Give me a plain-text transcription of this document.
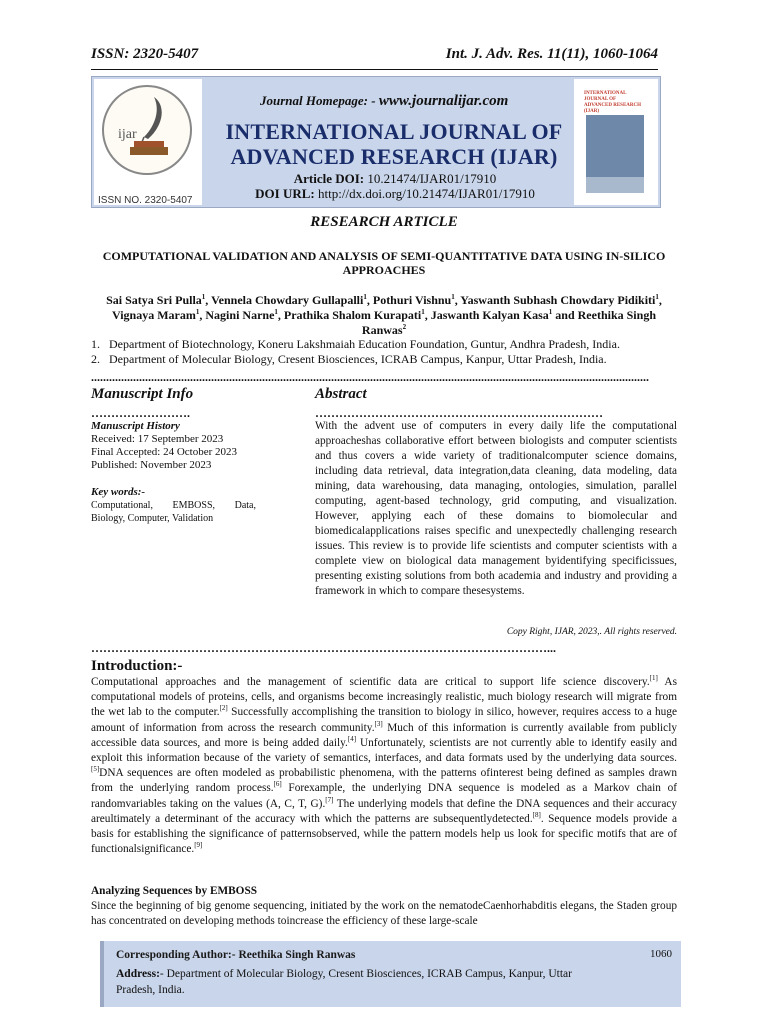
ISSN: 2320-5407	Int. J. Adv. Res. 11(11), 1060-1064
ijar
ISSN NO. 2320-5407
Journal Homepage: - www.journalijar.com
INTERNATIONAL JOURNAL OF
ADVANCED RESEARCH (IJAR)
Article DOI: 10.21474/IJAR01/17910
DOI URL: http://dx.doi.org/10.21474/IJAR01/17910
INTERNATIONAL JOURNAL OF ADVANCED RESEARCH (IJAR)
RESEARCH ARTICLE
COMPUTATIONAL VALIDATION AND ANALYSIS OF SEMI-QUANTITATIVE DATA USING IN-SILICO APPROACHES
Sai Satya Sri Pulla$^1$, Vennela Chowdary Gullapalli$^1$, Pothuri Vishnu$^1$, Yaswanth Subhash Chowdary Pidikiti$^1$, Vignaya Maram$^1$, Nagini Narne$^1$, Prathika Shalom Kurapati$^1$, Jaswanth Kalyan Kasa$^1$ and Reethika Singh Ranwas$^2$
1.   Department of Biotechnology, Koneru Lakshmaiah Education Foundation, Guntur, Andhra Pradesh, India.
2.   Department of Molecular Biology, Cresent Biosciences, ICRAB Campus, Kanpur, Uttar Pradesh, India.
..........................................................................................................................................................................................
Manuscript Info
…………………….
Manuscript History
Received: 17 September 2023
Final Accepted: 24 October 2023
Published: November 2023
Key words:-
Computational, EMBOSS, Data, Biology, Computer, Validation
Abstract
………………………………………………………………
With the advent use of computers in every daily life the computational approacheshas collaborative effort between biologists and computer scientists and thus covers a wide variety of traditionalcomputer science domains, including data retrieval, data integration,data cleaning, data modeling, data mining, data warehousing, data managing, ontologies, simulation, parallel computing, agent-based technology, grid computing, and visualization. However, applying each of these domains to biomolecular and biomedicalapplications raises specific and unexpectedly challenging research issues. This review is to provide life scientists and computer scientists with a complete view on biological data management byidentifying specificissues, presenting existing solutions from both academia and industry and providing a framework in which to compare thesesystems.
Copy Right, IJAR, 2023,. All rights reserved.
……………………………………………………………………………………………………...
Introduction:-
Computational approaches and the management of scientific data are critical to support life science discovery.[1] As computational models of proteins, cells, and organisms become increasingly realistic, much biology research will migrate from the wet lab to the computer.[2] Successfully accomplishing the transition to biology in silico, however, requires access to a huge amount of information from across the research community.[3] Much of this information is currently available from publicly accessible data sources, and more is being added daily.[4] Unfortunately, scientists are not currently able to identify easily and exploit this information because of the variety of semantics, interfaces, and data formats used by the underlying data sources.[5]DNA sequences are often modeled as probabilistic phenomena, with the patterns ofinterest being defined as samples drawn from the underlying random process.[6] Forexample, the underlying DNA sequence is modeled as a Markov chain of randomvariables taking on the values (A, C, T, G).[7] The underlying models that define the DNA sequences and their accuracy areultimately a determinant of the accuracy with which the patterns are subsequentlydetected.[8]. Sequence models provide a basis for establishing the significance of patternsobserved, while the pattern models help us look for specific motifs that are of functionalsignificance.[9]
Analyzing Sequences by EMBOSS
Since the beginning of big genome sequencing, initiated by the work on the nematodeCaenhorhabditis elegans, the Staden group has concentrated on developing methods toincrease the efficiency of these large-scale
Corresponding Author:- Reethika Singh Ranwas
Address:- Department of Molecular Biology, Cresent Biosciences, ICRAB Campus, Kanpur, Uttar Pradesh, India.
1060
